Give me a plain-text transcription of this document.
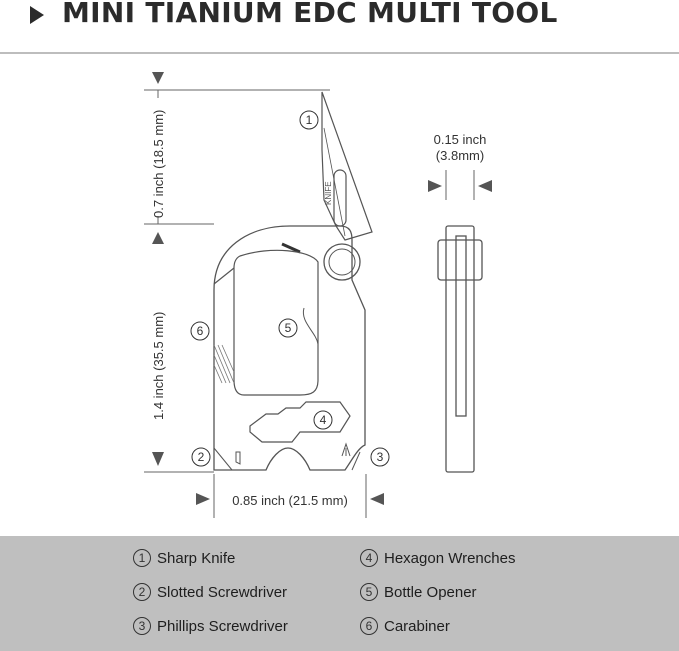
MINI TIANIUM EDC MULTI TOOL
KNIFE
0.7 inch (18.5 mm)
1.4 inch (35.5 mm)
0.85 inch (21.5 mm)
0.15 inch
(3.8mm)
1
2	3
4
5
6
1 Sharp Knife
2 Slotted Screwdriver
3 Phillips Screwdriver
4 Hexagon Wrenches
5 Bottle Opener
6 Carabiner
